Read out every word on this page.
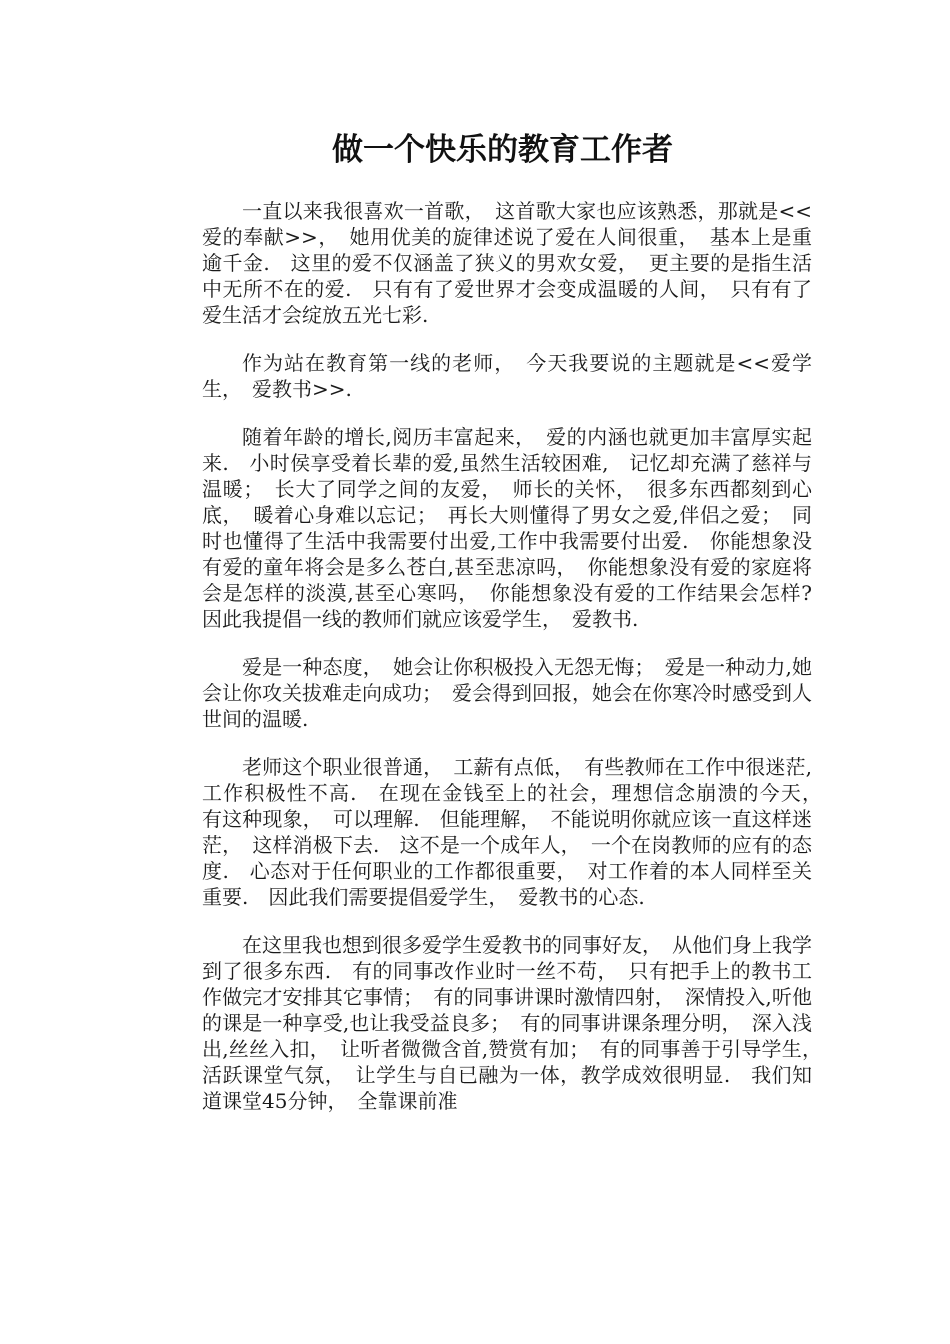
做一个快乐的教育工作者

一直以来我很喜欢一首歌，　这首歌大家也应该熟悉，那就是<<爱的奉献>>，　她用优美的旋律述说了爱在人间很重，　基本上是重逾千金.　这里的爱不仅涵盖了狭义的男欢女爱，　更主要的是指生活中无所不在的爱.　只有有了爱世界才会变成温暖的人间，　只有有了爱生活才会绽放五光七彩.

作为站在教育第一线的老师，　今天我要说的主题就是<<爱学生，　爱教书>>.

随着年龄的增长,阅历丰富起来，　爱的内涵也就更加丰富厚实起来.　小时侯享受着长辈的爱,虽然生活较困难,　记忆却充满了慈祥与温暖；　长大了同学之间的友爱，　师长的关怀，　很多东西都刻到心底，　暖着心身难以忘记；　再长大则懂得了男女之爱,伴侣之爱；　同时也懂得了生活中我需要付出爱,工作中我需要付出爱.　你能想象没有爱的童年将会是多么苍白,甚至悲凉吗，　你能想象没有爱的家庭将会是怎样的淡漠,甚至心寒吗，　你能想象没有爱的工作结果会怎样?　因此我提倡一线的教师们就应该爱学生，　爱教书.

爱是一种态度，　她会让你积极投入无怨无悔；　爱是一种动力,她会让你攻关拔难走向成功；　爱会得到回报，她会在你寒冷时感受到人世间的温暖.

老师这个职业很普通，　工薪有点低，　有些教师在工作中很迷茫,工作积极性不高.　在现在金钱至上的社会，理想信念崩溃的今天，　有这种现象，　可以理解.　但能理解，　不能说明你就应该一直这样迷茫，　这样消极下去.　这不是一个成年人，　一个在岗教师的应有的态度.　心态对于任何职业的工作都很重要，　对工作着的本人同样至关重要.　因此我们需要提倡爱学生，　爱教书的心态.

在这里我也想到很多爱学生爱教书的同事好友，　从他们身上我学到了很多东西.　有的同事改作业时一丝不苟，　只有把手上的教书工作做完才安排其它事情；　有的同事讲课时激情四射，　深情投入,听他的课是一种享受,也让我受益良多；　有的同事讲课条理分明，　深入浅出,丝丝入扣，　让听者微微含首,赞赏有加；　有的同事善于引导学生，　活跃课堂气氛，　让学生与自已融为一体，教学成效很明显.　我们知道课堂45分钟，　全靠课前准
